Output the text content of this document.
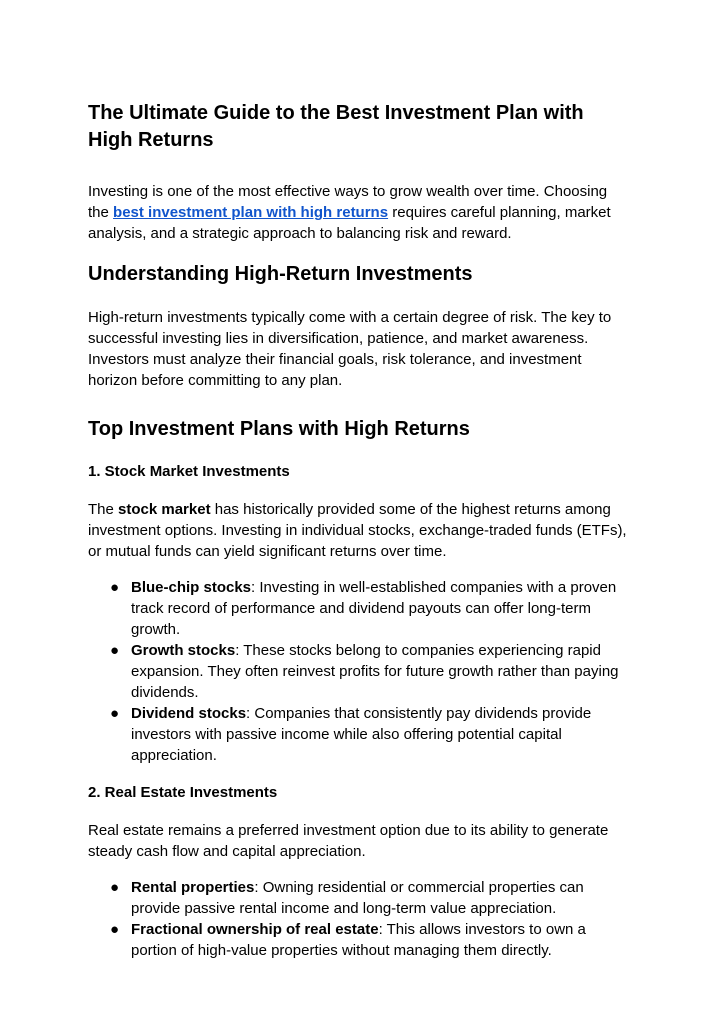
The Ultimate Guide to the Best Investment Plan with High Returns

Investing is one of the most effective ways to grow wealth over time. Choosing the best investment plan with high returns requires careful planning, market analysis, and a strategic approach to balancing risk and reward.

Understanding High-Return Investments

High-return investments typically come with a certain degree of risk. The key to successful investing lies in diversification, patience, and market awareness. Investors must analyze their financial goals, risk tolerance, and investment horizon before committing to any plan.

Top Investment Plans with High Returns
1. Stock Market Investments

The stock market has historically provided some of the highest returns among investment options. Investing in individual stocks, exchange-traded funds (ETFs), or mutual funds can yield significant returns over time.

● Blue-chip stocks: Investing in well-established companies with a proven track record of performance and dividend payouts can offer long-term growth.
● Growth stocks: These stocks belong to companies experiencing rapid expansion. They often reinvest profits for future growth rather than paying dividends.
● Dividend stocks: Companies that consistently pay dividends provide investors with passive income while also offering potential capital appreciation.
2. Real Estate Investments

Real estate remains a preferred investment option due to its ability to generate steady cash flow and capital appreciation.

● Rental properties: Owning residential or commercial properties can provide passive rental income and long-term value appreciation.
● Fractional ownership of real estate: This allows investors to own a portion of high-value properties without managing them directly.
